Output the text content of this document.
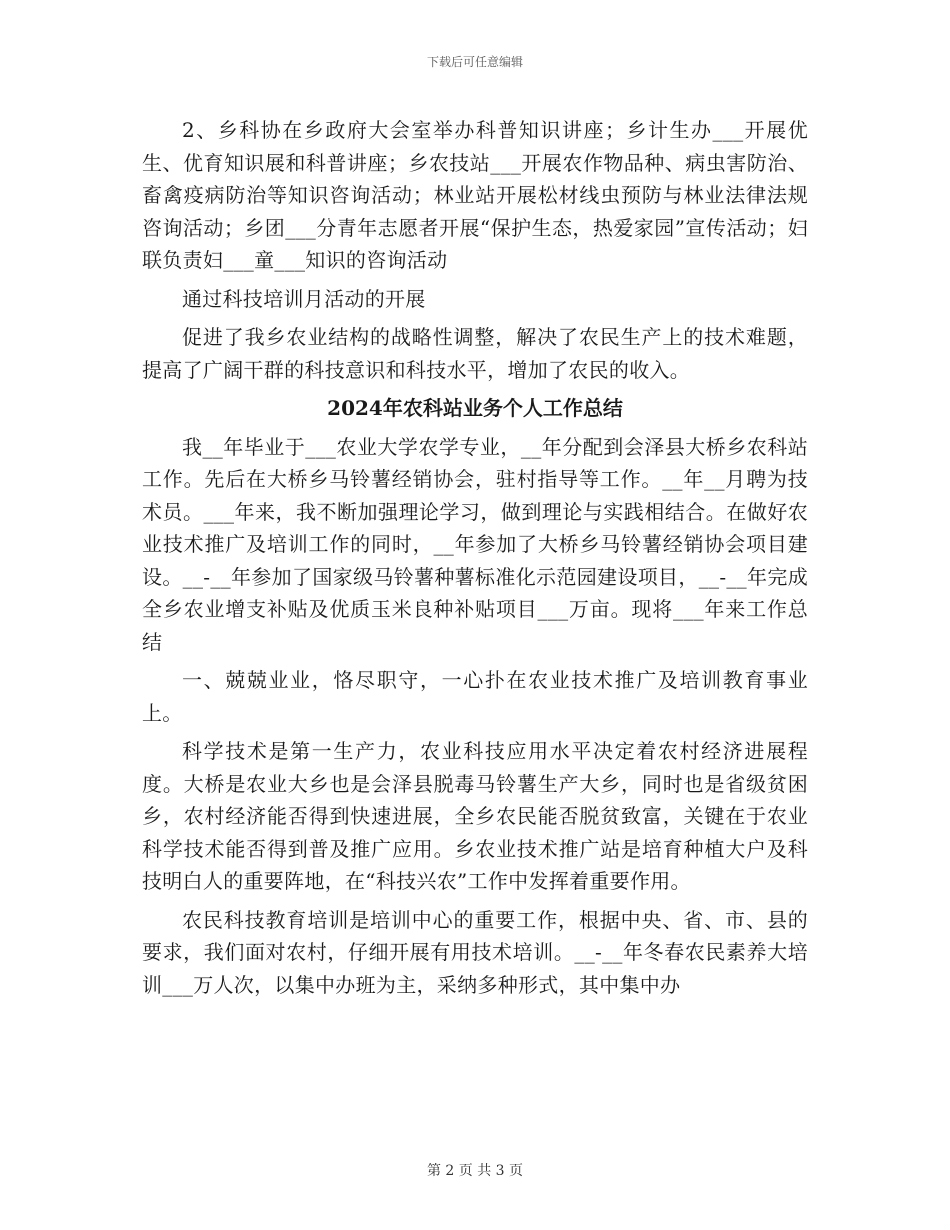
下载后可任意编辑

2、乡科协在乡政府大会室举办科普知识讲座；乡计生办___开展优生、优育知识展和科普讲座；乡农技站___开展农作物品种、病虫害防治、畜禽疫病防治等知识咨询活动；林业站开展松材线虫预防与林业法律法规咨询活动；乡团___分青年志愿者开展“保护生态，热爱家园”宣传活动；妇联负责妇___童___知识的咨询活动

通过科技培训月活动的开展

促进了我乡农业结构的战略性调整，解决了农民生产上的技术难题，提高了广阔干群的科技意识和科技水平，增加了农民的收入。

2024年农科站业务个人工作总结

我__年毕业于___农业大学农学专业，__年分配到会泽县大桥乡农科站工作。先后在大桥乡马铃薯经销协会，驻村指导等工作。__年__月聘为技术员。___年来，我不断加强理论学习，做到理论与实践相结合。在做好农业技术推广及培训工作的同时，__年参加了大桥乡马铃薯经销协会项目建设。__-__年参加了国家级马铃薯种薯标准化示范园建设项目，__-__年完成全乡农业增支补贴及优质玉米良种补贴项目___万亩。现将___年来工作总结

一、兢兢业业，恪尽职守，一心扑在农业技术推广及培训教育事业上。

科学技术是第一生产力，农业科技应用水平决定着农村经济进展程度。大桥是农业大乡也是会泽县脱毒马铃薯生产大乡，同时也是省级贫困乡，农村经济能否得到快速进展，全乡农民能否脱贫致富，关键在于农业科学技术能否得到普及推广应用。乡农业技术推广站是培育种植大户及科技明白人的重要阵地，在“科技兴农”工作中发挥着重要作用。

农民科技教育培训是培训中心的重要工作，根据中央、省、市、县的要求，我们面对农村，仔细开展有用技术培训。__-__年冬春农民素养大培训___万人次，以集中办班为主，采纳多种形式，其中集中办

第 2 页 共 3 页
